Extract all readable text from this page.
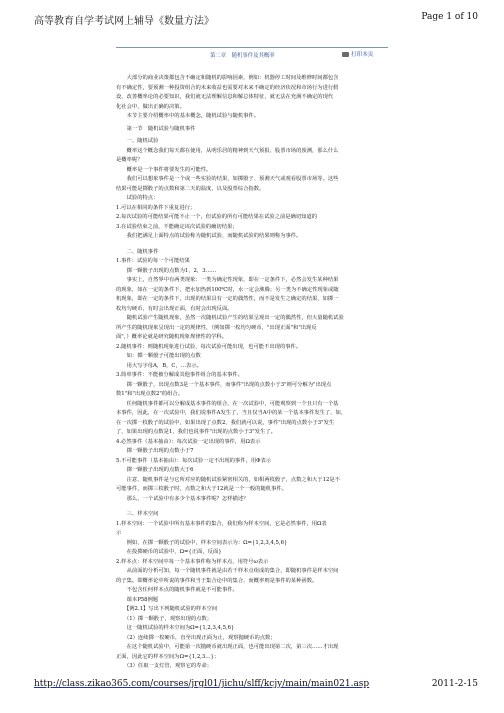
高等教育自学考试网上辅导《数量方法》	Page 1 of 10
第二章　随机事件及其概率	打印本页

　　大部分的商业决策都包含不确定和随机的影响因素，例如：机器停工时间及维修时间都包含

有不确定性，要预测一种投资组合的未来收益也需要对未来不确定的经济状况和市场行为进行假

设，改善概率论的必要知识，我们就无法理解信息和解总体特征，就无法在充满不确定的现代

化社会中，做出正确的决策。

　　本节主要介绍概率中的基本概念，随机试验与随机事件。

　　第一节　随机试验与随机事件

　　一、随机试验

　　概率这个概念我们每天都在使用，从明乐居的精神到天气预报、股票市场的预测，那么什么

是概率呢？

　　概率是一个事件将要发生的可能性。

　　我们可以想象事件是一个或一些实验的结果，如掷骰子、预测天气或观看股票市场等。这些

结果可能是掷骰子的点数和第二天的温度，以及股票综合指数。

　　试验的特点：

1.可以在相同的条件下重复进行；

2.每次试验的可能结果可能不止一个，但试验的所有可能结果在试验之前是确切知道的

3.在试验结束之前，不能确定该次试验的确切结果；

　　我们把满足上面特点的试验称为随机试验，而随机试验的结果则称为事件。

　　二、随机事件

1.事件：试验的每一个可能结果

　　掷一颗骰子出现的点数为1，2，3……

　　事实上，自然界中有两类现象：一类为确定性现象，即在一定条件下，必然会发生某种结果

的现象，如在一定的条件下，把水加热到100℃时，水一定会沸腾；另一类为不确定性现象或随

机现象，即在一定的条件下，出现的结果具有一定的偶然性，而不是发生之确定的结果，如掷一

枚均匀硬币，有时会出现正面，有时会出现反面。

　　随机试验产生随机现象，虽然一次随机试验产生的结果呈现出一定的偶然性，但大量随机试验

所产生的随机现象呈现出一定的规律性，（例如掷一枚均匀硬币，"出现正面"和"出现反

面"，）概率论就是研究随机现象规律性的学科。

2.随机事件：则随机现象进行试验，每次试验可能出现，也可能不出现的事件。

　　如：掷一颗骰子可能出现的点数

　　用大写字母A，B，C，…表示。

3.简单事件：不能被分解成其他事件组合的基本事件。

　　掷一颗骰子，出现点数3是一个基本事件，而事件"出现的点数小于3"则可分解为"出现点

数1"和"出现点数2"的组合。

　　任何随机事件都可以分解成基本事件的组合，在一次试验中，可能观察到一个且只有一个基

本事件，因此，在一次试验中，我们说事件A发生了，当且仅当A中的某一个基本事件发生了，如，

在一次掷一枚骰子的试验中，如果出现了点数2，我们就可以说，事件"出现的点数小于3"发生

了，如果出现的点数是1，我们也说事件"出现的点数小于3"发生了。

4.必然事件（基本抽由）：每次试验一定出现的事件，用Ω表示

　　掷一颗骰子出现的点数小于7

5.不可能事件（基本抽由）：每次试验一定不出现的事件，用Φ表示

　　掷一颗骰子出现的点数大于6

　　注意，随机事件是与它所对应的随机试验紧密相关的，如相两枚骰子，点数之和大于12是不

可能事件，而掷三枚骰子时，点数之和大于12就是一个一般的随机事件。

　　那么，一个试验中有多少个基本事件呢？怎样描述？

　　三、样本空间

1.样本空间：一个试验中所有基本事件的集合，我们称为样本空间，它是必然事件，用Ω表

示

　　例如，在掷一颗骰子的试验中，样本空间表示为：Ω={1,2,3,4,5,6}

　　在投掷硬币的试验中，Ω={正面，反面}

2.样本点：样本空间中每一个基本事件称为样本点，用符号ω表示

　　从前面的分析可知，每一个随机事件就是由若干样本点组成的集合，即随机事件是样本空间

的子集。即概率论中所说的事件和当于集合论中的集合，而概率则是事件的某种函数。

　　不包含任何样本点的随机事件就是不可能事件。

　　课本P58例题

　　【例2.1】写出下列随机试验的样本空间

　　（1）掷一颗骰子，观察出现的点数；

　　这一随机试验的样本空间为Ω={1,2,3,4,5,6}

　　（2）连续掷一枚硬币，直至出现正面为止，观察抛硬币的点数；

　　在这个随机试验中，可能第一次抛硬币就出现正面，也可能出现第二次，第三次……才出现

正面，因此它的样本空间为Ω={1,2,3…}；

　　（3）任取一支灯管，观察它的寿命；

http://class.zikao365.com/courses/jrgl01/jichu/slff/kcjy/main/main021.asp	2011-2-15
